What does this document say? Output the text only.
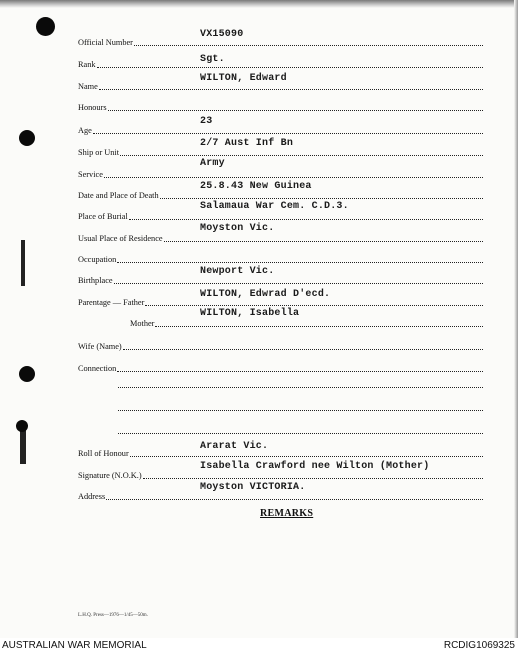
Official Number
VX15090
Rank	Sgt.
Name
WILTON, Edward
Honours
Age
23
Ship or Unit
2/7 Aust Inf Bn
Service
Army
Date and Place of Death
25.8.43 New Guinea
Place of Burial
Salamaua War Cem. C.D.3.
Usual Place of Residence
Moyston Vic.
Occupation
Birthplace
Newport Vic.
Parentage — Father
WILTON, Edwrad D'ecd.
Mother
WILTON, Isabella
Wife (Name)
Connection
Roll of Honour
Ararat Vic.
Signature (N.O.K.)
Isabella Crawford nee Wilton (Mother)
Address
Moyston VICTORIA.
REMARKS
L.H.Q. Press—1976—1/45—50m.
AUSTRALIAN WAR MEMORIAL	RCDIG1069325
